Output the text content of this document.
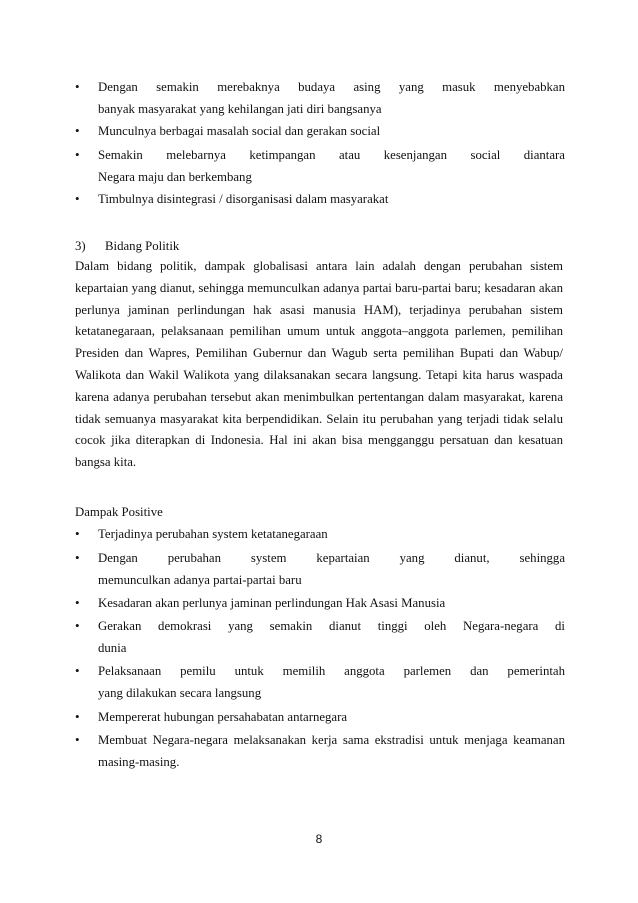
• Dengan semakin merebaknya budaya asing yang masuk menyebabkan
banyak masyarakat yang kehilangan jati diri bangsanya
• Munculnya berbagai masalah social dan gerakan social
• Semakin melebarnya ketimpangan atau kesenjangan social diantara
Negara maju dan berkembang
• Timbulnya disintegrasi / disorganisasi dalam masyarakat
3) Bidang Politik
Dalam bidang politik, dampak globalisasi antara lain adalah dengan perubahan sistem kepartaian yang dianut, sehingga memunculkan adanya partai baru-partai baru; kesadaran akan perlunya jaminan perlindungan hak asasi manusia HAM), terjadinya perubahan sistem ketatanegaraan, pelaksanaan pemilihan umum untuk anggota–anggota parlemen, pemilihan Presiden dan Wapres, Pemilihan Gubernur dan Wagub serta pemilihan Bupati dan Wabup/ Walikota dan Wakil Walikota yang dilaksanakan secara langsung. Tetapi kita harus waspada karena adanya perubahan tersebut akan menimbulkan pertentangan dalam masyarakat, karena tidak semuanya masyarakat kita berpendidikan. Selain itu perubahan yang terjadi tidak selalu cocok jika diterapkan di Indonesia. Hal ini akan bisa mengganggu persatuan dan kesatuan bangsa kita.
Dampak Positive
• Terjadinya perubahan system ketatanegaraan
• Dengan perubahan system kepartaian yang dianut, sehingga
memunculkan adanya partai-partai baru
• Kesadaran akan perlunya jaminan perlindungan Hak Asasi Manusia
• Gerakan demokrasi yang semakin dianut tinggi oleh Negara-negara di
dunia
• Pelaksanaan pemilu untuk memilih anggota parlemen dan pemerintah
yang dilakukan secara langsung
• Mempererat hubungan persahabatan antarnegara
• Membuat Negara-negara melaksanakan kerja sama ekstradisi untuk menjaga keamanan
masing-masing.
8
